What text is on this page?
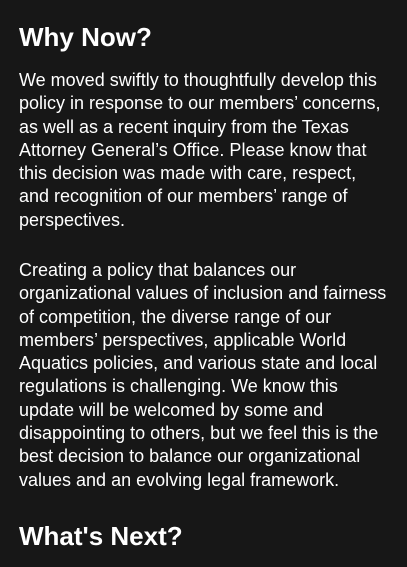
Why Now?

We moved swiftly to thoughtfully develop this policy in response to our members’ concerns, as well as a recent inquiry from the Texas Attorney General’s Office. Please know that this decision was made with care, respect, and recognition of our members’ range of perspectives.

Creating a policy that balances our organizational values of inclusion and fairness of competition, the diverse range of our members’ perspectives, applicable World Aquatics policies, and various state and local regulations is challenging. We know this update will be welcomed by some and disappointing to others, but we feel this is the best decision to balance our organizational values and an evolving legal framework.

What's Next?
